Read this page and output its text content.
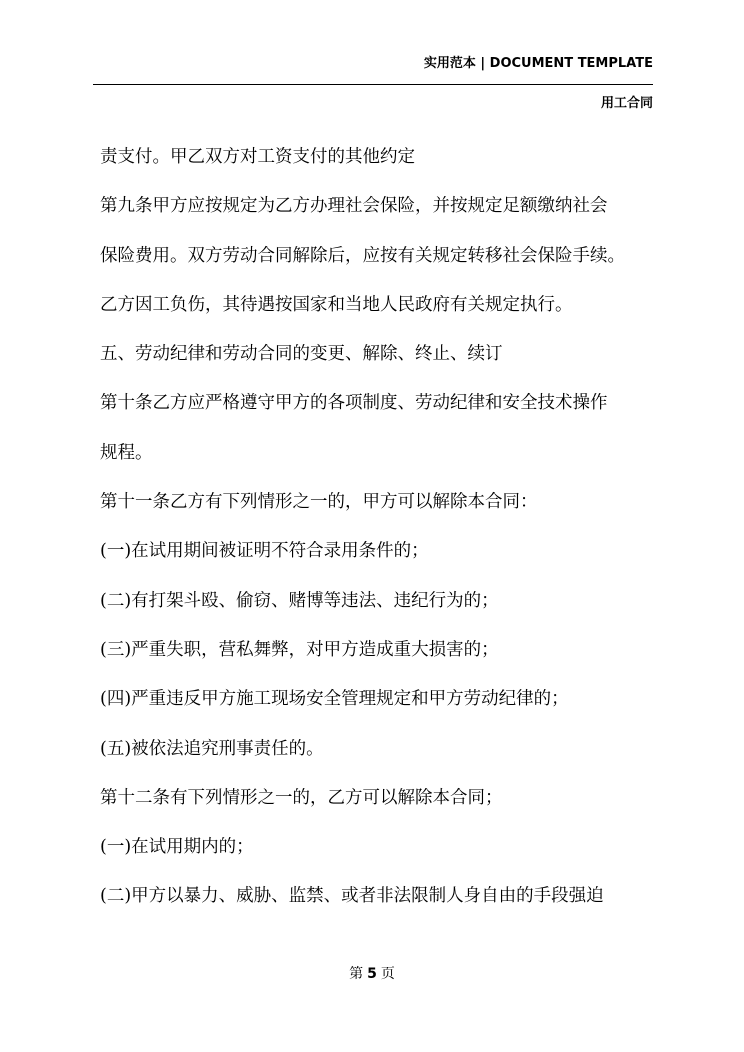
实用范本 | DOCUMENT TEMPLATE
用工合同
责支付。甲乙双方对工资支付的其他约定
第九条甲方应按规定为乙方办理社会保险，并按规定足额缴纳社会
保险费用。双方劳动合同解除后，应按有关规定转移社会保险手续。
乙方因工负伤，其待遇按国家和当地人民政府有关规定执行。
五、劳动纪律和劳动合同的变更、解除、终止、续订
第十条乙方应严格遵守甲方的各项制度、劳动纪律和安全技术操作
规程。
第十一条乙方有下列情形之一的，甲方可以解除本合同：
(一)在试用期间被证明不符合录用条件的；
(二)有打架斗殴、偷窃、赌博等违法、违纪行为的；
(三)严重失职，营私舞弊，对甲方造成重大损害的；
(四)严重违反甲方施工现场安全管理规定和甲方劳动纪律的；
(五)被依法追究刑事责任的。
第十二条有下列情形之一的，乙方可以解除本合同；
(一)在试用期内的；
(二)甲方以暴力、威胁、监禁、或者非法限制人身自由的手段强迫
第 5 页
